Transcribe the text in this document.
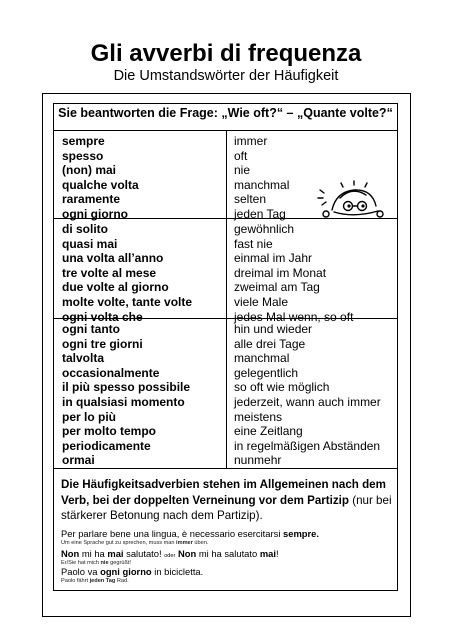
Gli avverbi di frequenza
Die Umstandswörter der Häufigkeit
Sie beantworten die Frage: „Wie oft?“ – „Quante volte?“
sempre	immer
spesso	oft
(non) mai	nie
qualche volta	manchmal
raramente	selten
ogni giorno	jeden Tag
di solito	gewöhnlich
quasi mai	fast nie
una volta all’anno	einmal im Jahr
tre volte al mese	dreimal im Monat
due volte al giorno	zweimal am Tag
molte volte, tante volte	viele Male
ogni volta che	jedes Mal wenn, so oft
ogni tanto	hin und wieder
ogni tre giorni	alle drei Tage
talvolta	manchmal
occasionalmente	gelegentlich
il più spesso possibile	so oft wie möglich
in qualsiasi momento	jederzeit, wann auch immer
per lo più	meistens
per molto tempo	eine Zeitlang
periodicamente	in regelmäßigen Abständen
ormai	nunmehr
Die Häufigkeitsadverbien stehen im Allgemeinen nach dem Verb, bei der doppelten Verneinung vor dem Partizip (nur bei stärkerer Betonung nach dem Partizip).
Per parlare bene una lingua, è necessario esercitarsi sempre.
Um eine Sprache gut zu sprechen, muss man immer üben.
Non mi ha mai salutato! oder Non mi ha salutato mai!
Er/Sie hat mich nie gegrüßt!
Paolo va ogni giorno in bicicletta.
Paolo fährt jeden Tag Rad.
